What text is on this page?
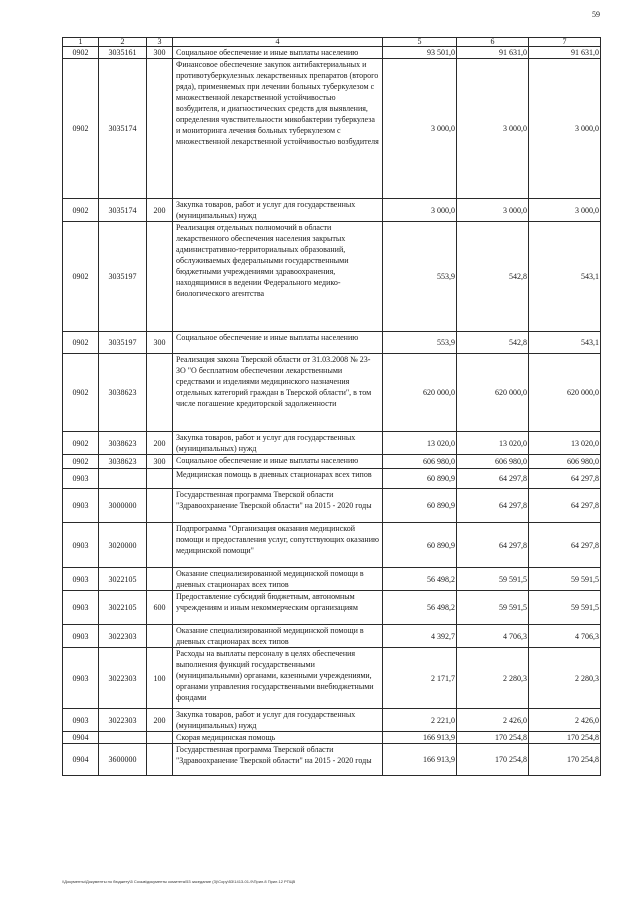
59
1	2	3	4	5	6	7
0902	3035161	300	Социальное обеспечение и иные выплаты населению	93 501,0	91 631,0	91 631,0
0902	3035174		Финансовое обеспечение закупок антибактериальных и противотуберкулезных лекарственных препаратов (второго ряда), применяемых при лечении больных туберкулезом с множественной лекарственной устойчивостью возбудителя, и диагностических средств для выявления, определения чувствительности микобактерии туберкулеза и мониторинга лечения больных туберкулезом с множественной лекарственной устойчивостью возбудителя	3 000,0	3 000,0	3 000,0
0902	3035174	200	Закупка товаров, работ и услуг для государственных (муниципальных) нужд	3 000,0	3 000,0	3 000,0
0902	3035197		Реализация отдельных полномочий в области лекарственного обеспечения населения закрытых административно-территориальных образований, обслуживаемых федеральными государственными бюджетными учреждениями здравоохранения, находящимися в ведении Федерального медико-биологического агентства	553,9	542,8	543,1
0902	3035197	300	Социальное обеспечение и иные выплаты населению	553,9	542,8	543,1
0902	3038623		Реализация закона Тверской области от 31.03.2008 № 23-ЗО "О бесплатном обеспечении лекарственными средствами и изделиями медицинского назначения отдельных категорий граждан в Тверской области", в том числе погашение кредиторской задолженности	620 000,0	620 000,0	620 000,0
0902	3038623	200	Закупка товаров, работ и услуг для государственных (муниципальных) нужд	13 020,0	13 020,0	13 020,0
0902	3038623	300	Социальное обеспечение и иные выплаты населению	606 980,0	606 980,0	606 980,0
0903			Медицинская помощь в дневных стационарах всех типов	60 890,9	64 297,8	64 297,8
0903	3000000		Государственная программа Тверской области "Здравоохранение Тверской области" на 2015 - 2020 годы	60 890,9	64 297,8	64 297,8
0903	3020000		Подпрограмма "Организация оказания медицинской помощи и предоставления услуг, сопутствующих оказанию медицинской помощи"	60 890,9	64 297,8	64 297,8
0903	3022105		Оказание специализированной медицинской помощи в дневных стационарах всех типов	56 498,2	59 591,5	59 591,5
0903	3022105	600	Предоставление субсидий бюджетным, автономным учреждениям и иным некоммерческим организациям	56 498,2	59 591,5	59 591,5
0903	3022303		Оказание специализированной медицинской помощи в дневных стационарах всех типов	4 392,7	4 706,3	4 706,3
0903	3022303	100	Расходы на выплаты персоналу в целях обеспечения выполнения функций государственными (муниципальными) органами, казенными учреждениями, органами управления государственными внебюджетными фондами	2 171,7	2 280,3	2 280,3
0903	3022303	200	Закупка товаров, работ и услуг для государственных (муниципальных) нужд	2 221,0	2 426,0	2 426,0
0904			Скорая медицинская помощь	166 913,9	170 254,8	170 254,8
0904	3600000		Государственная программа Тверской области "Здравоохранение Тверской области" на 2015 - 2020 годы	166 913,9	170 254,8	170 254,8
\\Документы\Документы по бюджету\5 Созыв\документы комитета\53 заседание (3)\Copy\53\1413-01-9\Прил.8 Прил.12 РПЦВ
